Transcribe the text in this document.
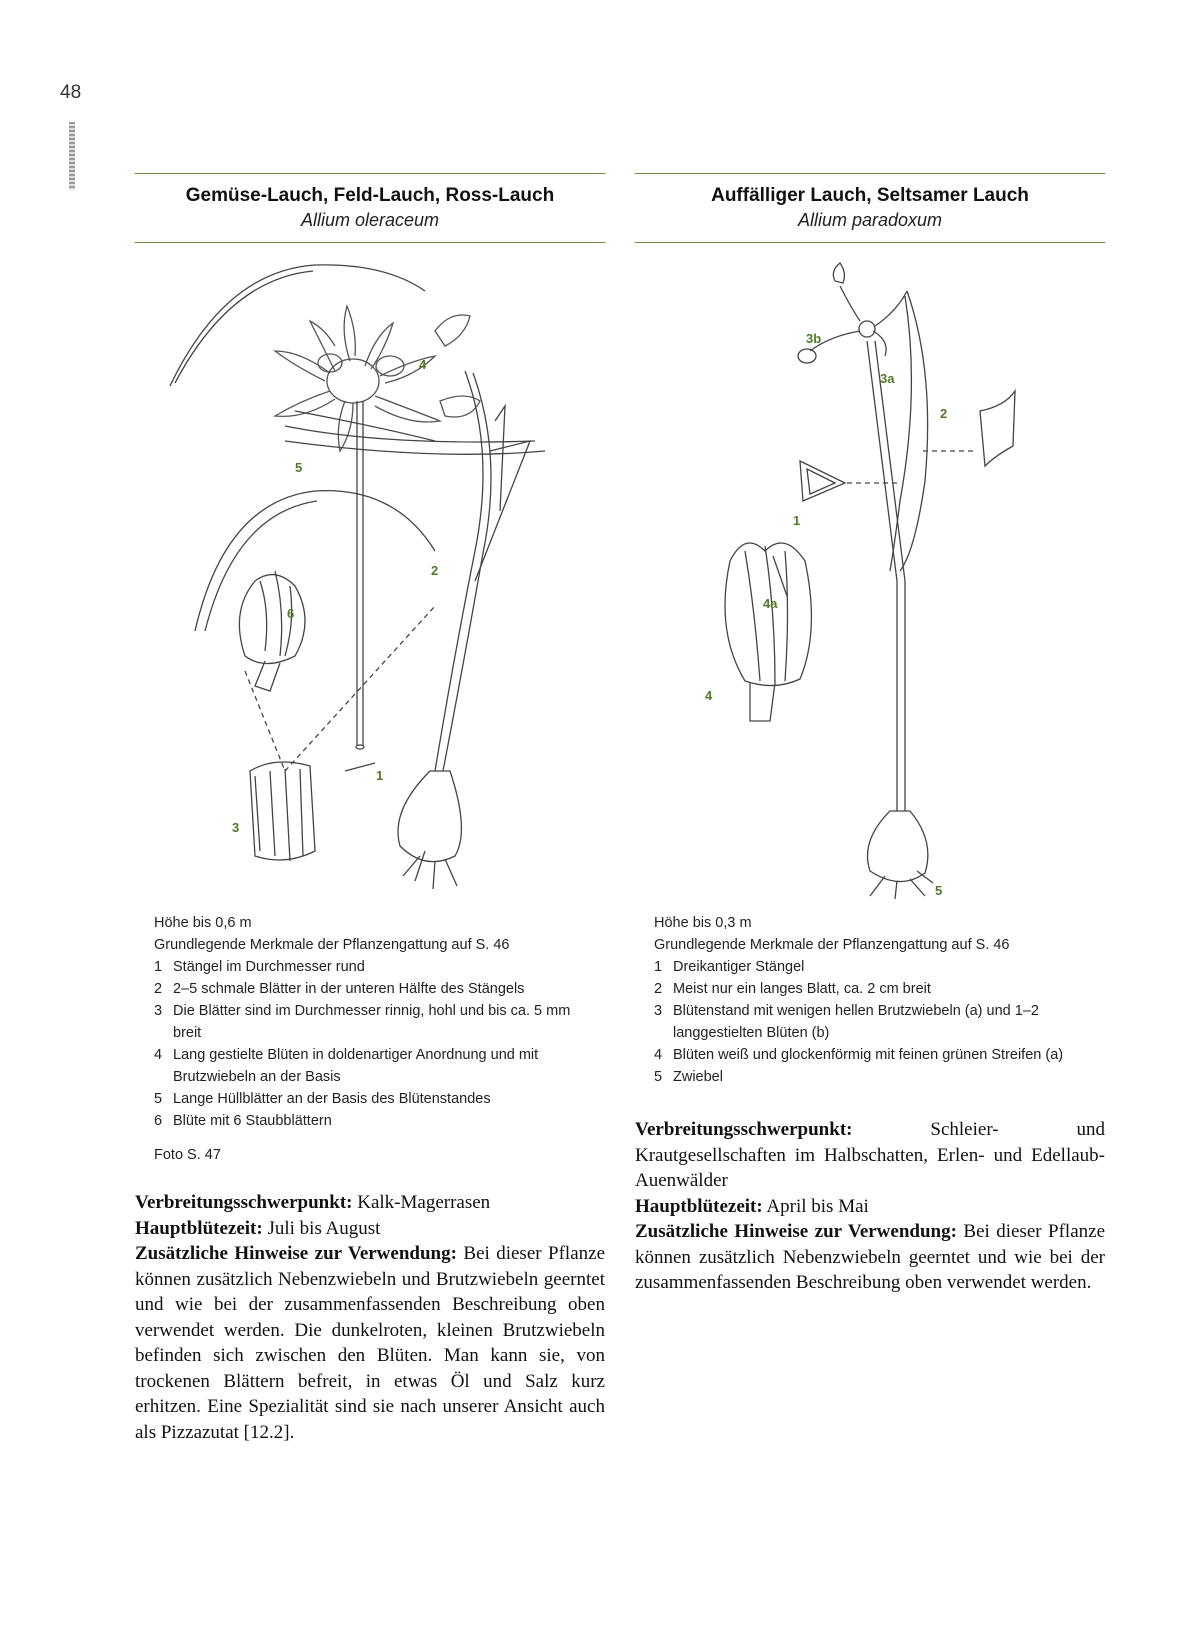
48
Gemüse-Lauch, Feld-Lauch, Ross-Lauch
Allium oleraceum
4
5
2
6
1
3
Höhe bis 0,6 m
Grundlegende Merkmale der Pflanzengattung auf S. 46
1 Stängel im Durchmesser rund
2 2–5 schmale Blätter in der unteren Hälfte des Stängels
3 Die Blätter sind im Durchmesser rinnig, hohl und bis ca. 5 mm breit
4 Lang gestielte Blüten in doldenartiger Anordnung und mit Brutzwiebeln an der Basis
5 Lange Hüllblätter an der Basis des Blütenstandes
6 Blüte mit 6 Staubblättern
Foto S. 47

Verbreitungsschwerpunkt: Kalk-Magerrasen

Hauptblütezeit: Juli bis August

Zusätzliche Hinweise zur Verwendung: Bei dieser Pflanze können zusätzlich Nebenzwiebeln und Brutzwiebeln geerntet und wie bei der zusammenfassenden Beschreibung oben verwendet werden. Die dunkelroten, kleinen Brutzwiebeln befinden sich zwischen den Blüten. Man kann sie, von trockenen Blättern befreit, in etwas Öl und Salz kurz erhitzen. Eine Spezialität sind sie nach unserer Ansicht auch als Pizzazutat [12.2].

Auffälliger Lauch, Seltsamer Lauch
Allium paradoxum
3b
3a
2
1
4a
4
5
Höhe bis 0,3 m
Grundlegende Merkmale der Pflanzengattung auf S. 46
1 Dreikantiger Stängel
2 Meist nur ein langes Blatt, ca. 2 cm breit
3 Blütenstand mit wenigen hellen Brutzwiebeln (a) und 1–2 langgestielten Blüten (b)
4 Blüten weiß und glockenförmig mit feinen grünen Streifen (a)
5 Zwiebel

Verbreitungsschwerpunkt:	Schleier- und Krautgesellschaften im Halbschatten, Erlen- und Edellaub-Auenwälder

Hauptblütezeit: April bis Mai

Zusätzliche Hinweise zur Verwendung: Bei dieser Pflanze können zusätzlich Nebenzwiebeln geerntet und wie bei der zusammenfassenden Beschreibung oben verwendet werden.
